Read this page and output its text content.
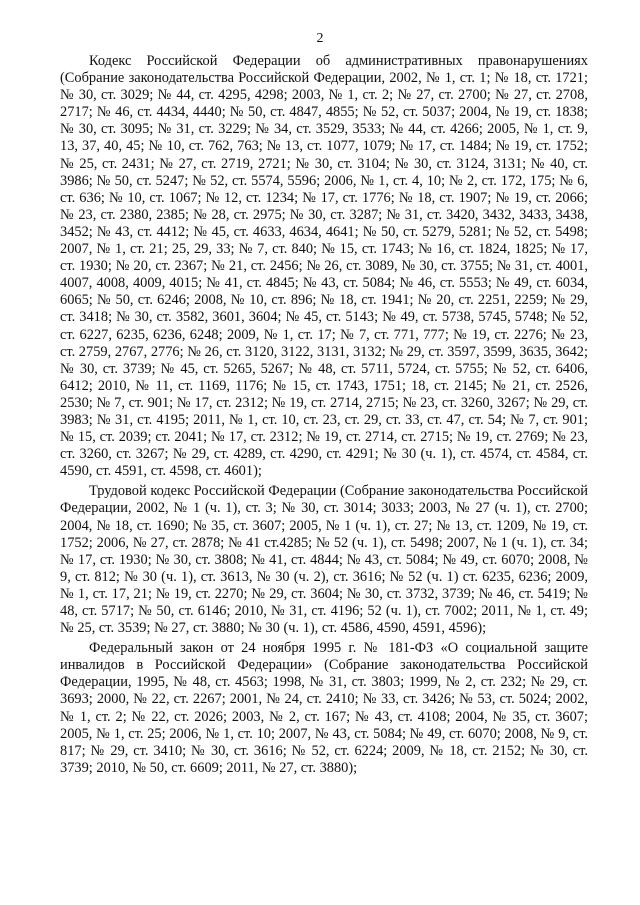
2

Кодекс Российской Федерации об административных правонарушениях (Собрание законодательства Российской Федерации, 2002, № 1, ст. 1; № 18, ст. 1721; № 30, ст. 3029; № 44, ст. 4295, 4298; 2003, № 1, ст. 2; № 27, ст. 2700; № 27, ст. 2708, 2717; № 46, ст. 4434, 4440; № 50, ст. 4847, 4855; № 52, ст. 5037; 2004, № 19, ст. 1838; № 30, ст. 3095; № 31, ст. 3229; № 34, ст. 3529, 3533; № 44, ст. 4266; 2005, № 1, ст. 9, 13, 37, 40, 45; № 10, ст. 762, 763; № 13, ст. 1077, 1079; № 17, ст. 1484; № 19, ст. 1752; № 25, ст. 2431; № 27, ст. 2719, 2721; № 30, ст. 3104; № 30, ст. 3124, 3131; № 40, ст. 3986; № 50, ст. 5247; № 52, ст. 5574, 5596; 2006, № 1, ст. 4, 10; № 2, ст. 172, 175; № 6, ст. 636; № 10, ст. 1067; № 12, ст. 1234; № 17, ст. 1776; № 18, ст. 1907; № 19, ст. 2066; № 23, ст. 2380, 2385; № 28, ст. 2975; № 30, ст. 3287; № 31, ст. 3420, 3432, 3433, 3438, 3452; № 43, ст. 4412; № 45, ст. 4633, 4634, 4641; № 50, ст. 5279, 5281; № 52, ст. 5498; 2007, № 1, ст. 21; 25, 29, 33; № 7, ст. 840; № 15, ст. 1743; № 16, ст. 1824, 1825; № 17, ст. 1930; № 20, ст. 2367; № 21, ст. 2456; № 26, ст. 3089, № 30, ст. 3755; № 31, ст. 4001, 4007, 4008, 4009, 4015; № 41, ст. 4845; № 43, ст. 5084; № 46, ст. 5553; № 49, ст. 6034, 6065; № 50, ст. 6246; 2008, № 10, ст. 896; № 18, ст. 1941; № 20, ст. 2251, 2259; № 29, ст. 3418; № 30, ст. 3582, 3601, 3604; № 45, ст. 5143; № 49, ст. 5738, 5745, 5748; № 52, ст. 6227, 6235, 6236, 6248; 2009, № 1, ст. 17; № 7, ст. 771, 777; № 19, ст. 2276; № 23, ст. 2759, 2767, 2776; № 26, ст. 3120, 3122, 3131, 3132; № 29, ст. 3597, 3599, 3635, 3642; № 30, ст. 3739; № 45, ст. 5265, 5267; № 48, ст. 5711, 5724, ст. 5755; № 52, ст. 6406, 6412; 2010, № 11, ст. 1169, 1176; № 15, ст. 1743, 1751; 18, ст. 2145; № 21, ст. 2526, 2530; № 7, ст. 901; № 17, ст. 2312; № 19, ст. 2714, 2715; № 23, ст. 3260, 3267; № 29, ст. 3983; № 31, ст. 4195; 2011, № 1, ст. 10, ст. 23, ст. 29, ст. 33, ст. 47, ст. 54; № 7, ст. 901; № 15, ст. 2039; ст. 2041; № 17, ст. 2312; № 19, ст. 2714, ст. 2715; № 19, ст. 2769; № 23, ст. 3260, ст. 3267; № 29, ст. 4289, ст. 4290, ст. 4291; № 30 (ч. 1), ст. 4574, ст. 4584, ст. 4590, ст. 4591, ст. 4598, ст. 4601);

Трудовой кодекс Российской Федерации (Собрание законодательства Российской Федерации, 2002, № 1 (ч. 1), ст. 3; № 30, ст. 3014; 3033; 2003, № 27 (ч. 1), ст. 2700; 2004, № 18, ст. 1690; № 35, ст. 3607; 2005, № 1 (ч. 1), ст. 27; № 13, ст. 1209, № 19, ст. 1752; 2006, № 27, ст. 2878; № 41 ст.4285; № 52 (ч. 1), ст. 5498; 2007, № 1 (ч. 1), ст. 34; № 17, ст. 1930; № 30, ст. 3808; № 41, ст. 4844; № 43, ст. 5084; № 49, ст. 6070; 2008, № 9, ст. 812; № 30 (ч. 1), ст. 3613, № 30 (ч. 2), ст. 3616; № 52 (ч. 1) ст. 6235, 6236; 2009, № 1, ст. 17, 21; № 19, ст. 2270; № 29, ст. 3604; № 30, ст. 3732, 3739; № 46, ст. 5419; № 48, ст. 5717; № 50, ст. 6146; 2010, № 31, ст. 4196; 52 (ч. 1), ст. 7002; 2011, № 1, ст. 49; № 25, ст. 3539; № 27, ст. 3880; № 30 (ч. 1), ст. 4586, 4590, 4591, 4596);

Федеральный закон от 24 ноября 1995 г. № 181-ФЗ «О социальной защите инвалидов в Российской Федерации» (Собрание законодательства Российской Федерации, 1995, № 48, ст. 4563; 1998, № 31, ст. 3803; 1999, № 2, ст. 232; № 29, ст. 3693; 2000, № 22, ст. 2267; 2001, № 24, ст. 2410; № 33, ст. 3426; № 53, ст. 5024; 2002, № 1, ст. 2; № 22, ст. 2026; 2003, № 2, ст. 167; № 43, ст. 4108; 2004, № 35, ст. 3607; 2005, № 1, ст. 25; 2006, № 1, ст. 10; 2007, № 43, ст. 5084; № 49, ст. 6070; 2008, № 9, ст. 817; № 29, ст. 3410; № 30, ст. 3616; № 52, ст. 6224; 2009, № 18, ст. 2152; № 30, ст. 3739; 2010, № 50, ст. 6609; 2011, № 27, ст. 3880);
